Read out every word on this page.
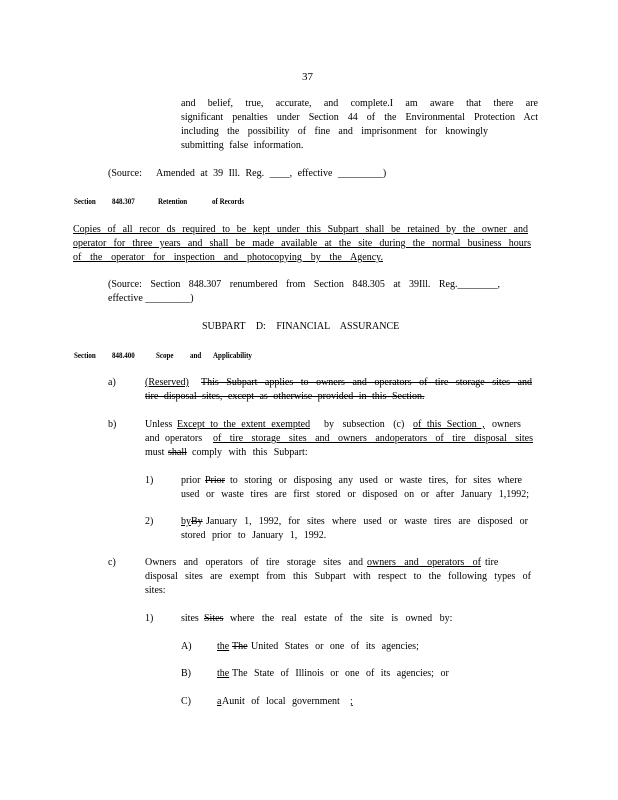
37
and belief, true, accurate, and complete.I am aware that there are
significant penalties under Section 44 of the Environmental Protection Act
including the possibility of fine and imprisonment for knowingly
submitting false information.
(Source: Amended at 39 Ill. Reg. ____, effective _________)
Section 848.307	Retention	of Records
Copies of all recor ds required to be kept under this Subpart shall be retained by the owner and
operator for three years and shall be made available at the site during the normal business hours
of the operator for inspection and photocopying by the Agency.
(Source: Section 848.307 renumbered from Section 848.305 at 39Ill. Reg.________,
effective _________)
SUBPART D: FINANCIAL ASSURANCE
Section 848.400	Scope and Applicability
a)	(Reserved) This Subpart applies to owners and operators of tire storage sites and
tire disposal sites, except as otherwise provided in this Section.
b)	Unless Except to the extent exempted by subsection (c) of this Section , owners
and operators of tire storage sites and owners andoperators of tire disposal sites
must shall comply with this Subpart:
1)	prior Prior to storing or disposing any used or waste tires, for sites where
used or waste tires are first stored or disposed on or after January 1,1992;
2)	by By January 1, 1992, for sites where used or waste tires are disposed or
stored prior to January 1, 1992.
c)	Owners and operators of tire storage sites and owners and operators of tire
disposal sites are exempt from this Subpart with respect to the following types of
sites:
1)	sites Sites where the real estate of the site is owned by:
A)	the The United States or one of its agencies;
B)	the The State of Illinois or one of its agencies; or
C)	a Aunit of local government ;
